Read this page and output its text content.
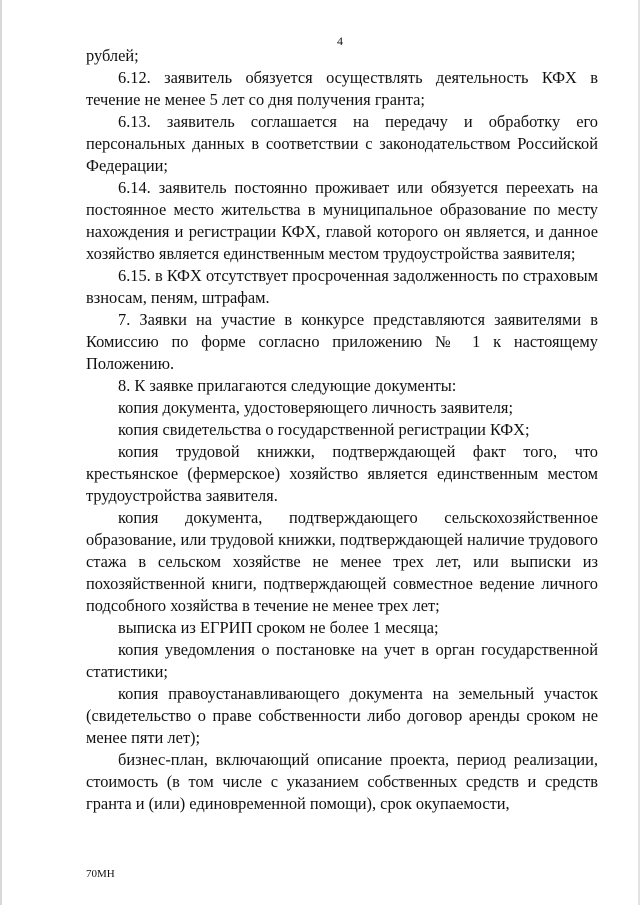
4

рублей;

6.12. заявитель обязуется осуществлять деятельность КФХ в течение не менее 5 лет со дня получения гранта;

6.13. заявитель соглашается на передачу и обработку его персональных данных в соответствии с законодательством Российской Федерации;

6.14. заявитель постоянно проживает или обязуется переехать на постоянное место жительства в муниципальное образование по месту нахождения и регистрации КФХ, главой которого он является, и данное хозяйство является единственным местом трудоустройства заявителя;

6.15. в КФХ отсутствует просроченная задолженность по страховым взносам, пеням, штрафам.

7. Заявки на участие в конкурсе представляются заявителями в Комиссию по форме согласно приложению № 1 к настоящему Положению.

8. К заявке прилагаются следующие документы:

копия документа, удостоверяющего личность заявителя;

копия свидетельства о государственной регистрации КФХ;

копия трудовой книжки, подтверждающей факт того, что крестьянское (фермерское) хозяйство является единственным местом трудоустройства заявителя.

копия документа, подтверждающего сельскохозяйственное образование, или трудовой книжки, подтверждающей наличие трудового стажа в сельском хозяйстве не менее трех лет, или выписки из похозяйственной книги, подтверждающей совместное ведение личного подсобного хозяйства в течение не менее трех лет;

выписка из ЕГРИП сроком не более 1 месяца;

копия уведомления о постановке на учет в орган государственной статистики;

копия правоустанавливающего документа на земельный участок (свидетельство о праве собственности либо договор аренды сроком не менее пяти лет);

бизнес-план, включающий описание проекта, период реализации, стоимость (в том числе с указанием собственных средств и средств гранта и (или) единовременной помощи), срок окупаемости,

70МН
